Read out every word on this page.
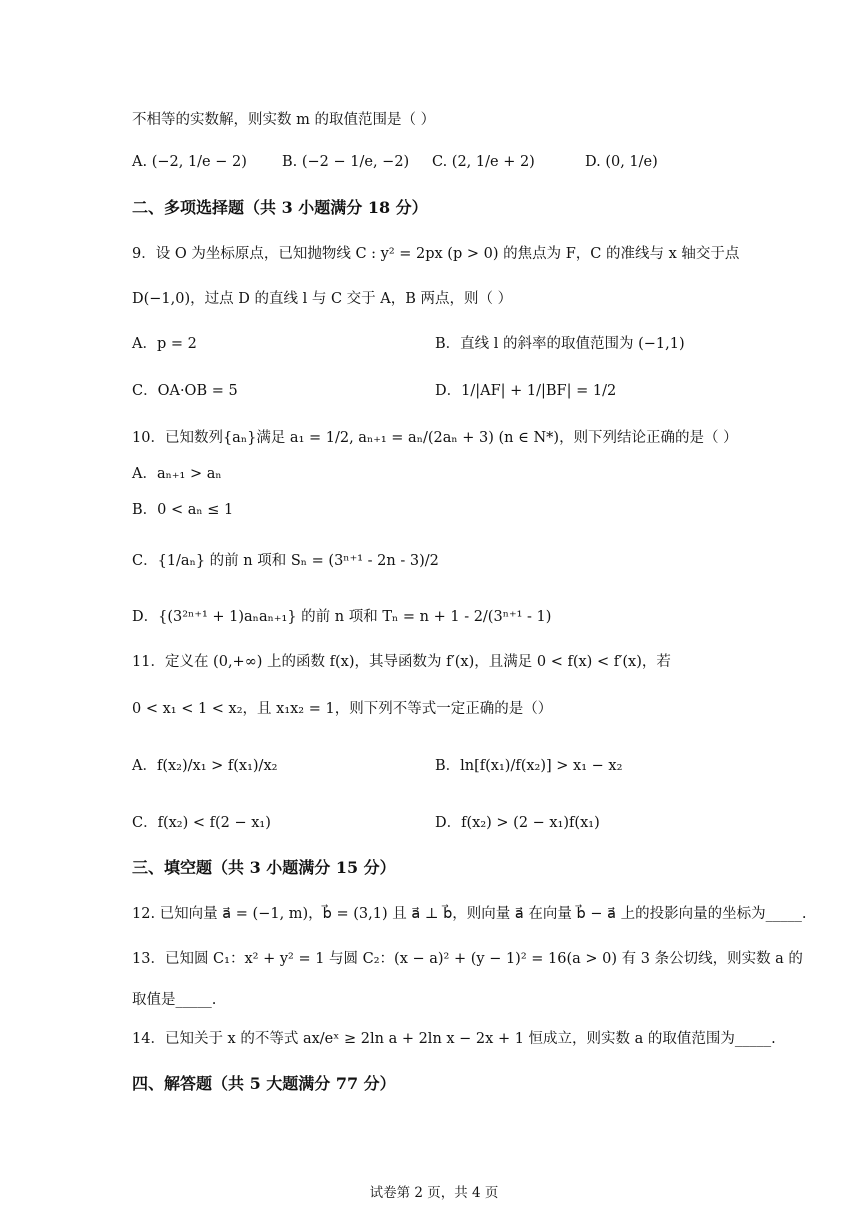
不相等的实数解，则实数 m 的取值范围是（ ）
A. (−2, 1/e − 2) B. (−2 − 1/e, −2) C. (2, 1/e + 2)	D. (0, 1/e)
二、多项选择题（共 3 小题满分 18 分）
9．设 O 为坐标原点，已知抛物线 C : y² = 2px (p > 0) 的焦点为 F，C 的准线与 x 轴交于点
D(−1,0)，过点 D 的直线 l 与 C 交于 A，B 两点，则（ ）
A．p = 2	B．直线 l 的斜率的取值范围为 (−1,1)
C．OA·OB = 5	D．1/|AF| + 1/|BF| = 1/2
10．已知数列{aₙ}满足 a₁ = 1/2, aₙ₊₁ = aₙ/(2aₙ + 3) (n ∈ N*)，则下列结论正确的是（ ）
A．aₙ₊₁ > aₙ
B．0 < aₙ ≤ 1
C．{1/aₙ} 的前 n 项和 Sₙ = (3ⁿ⁺¹ - 2n - 3)/2
D．{(3²ⁿ⁺¹ + 1)aₙaₙ₊₁} 的前 n 项和 Tₙ = n + 1 - 2/(3ⁿ⁺¹ - 1)
11．定义在 (0,+∞) 上的函数 f(x)，其导函数为 f′(x)，且满足 0 < f(x) < f′(x)，若
0 < x₁ < 1 < x₂，且 x₁x₂ = 1，则下列不等式一定正确的是（）
A．f(x₂)/x₁ > f(x₁)/x₂	B．ln[f(x₁)/f(x₂)] > x₁ − x₂
C．f(x₂) < f(2 − x₁)	D．f(x₂) > (2 − x₁)f(x₁)
三、填空题（共 3 小题满分 15 分）
12. 已知向量 a⃗ = (−1, m)，b⃗ = (3,1) 且 a⃗ ⊥ b⃗，则向量 a⃗ 在向量 b⃗ − a⃗ 上的投影向量的坐标为_____.
13．已知圆 C₁：x² + y² = 1 与圆 C₂：(x − a)² + (y − 1)² = 16(a > 0) 有 3 条公切线，则实数 a 的
取值是_____.
14．已知关于 x 的不等式 ax/eˣ ≥ 2ln a + 2ln x − 2x + 1 恒成立，则实数 a 的取值范围为_____.
四、解答题（共 5 大题满分 77 分）
试卷第 2 页，共 4 页
